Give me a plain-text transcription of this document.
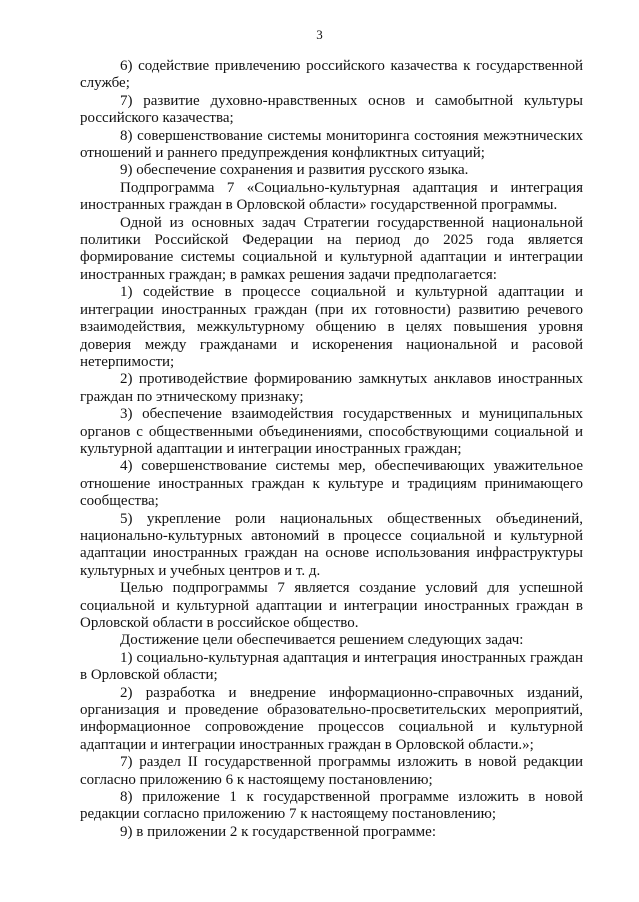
3

6) содействие привлечению российского казачества к государственной службе;

7) развитие духовно-нравственных основ и самобытной культуры российского казачества;

8) совершенствование системы мониторинга состояния межэтнических отношений и раннего предупреждения конфликтных ситуаций;

9) обеспечение сохранения и развития русского языка.

Подпрограмма 7 «Социально-культурная адаптация и интеграция иностранных граждан в Орловской области» государственной программы.

Одной из основных задач Стратегии государственной национальной политики Российской Федерации на период до 2025 года является формирование системы социальной и культурной адаптации и интеграции иностранных граждан; в рамках решения задачи предполагается:

1) содействие в процессе социальной и культурной адаптации и интеграции иностранных граждан (при их готовности) развитию речевого взаимодействия, межкультурному общению в целях повышения уровня доверия между гражданами и искоренения национальной и расовой нетерпимости;

2) противодействие формированию замкнутых анклавов иностранных граждан по этническому признаку;

3) обеспечение взаимодействия государственных и муниципальных органов с общественными объединениями, способствующими социальной и культурной адаптации и интеграции иностранных граждан;

4) совершенствование системы мер, обеспечивающих уважительное отношение иностранных граждан к культуре и традициям принимающего сообщества;

5) укрепление роли национальных общественных объединений, национально-культурных автономий в процессе социальной и культурной адаптации иностранных граждан на основе использования инфраструктуры культурных и учебных центров и т. д.

Целью подпрограммы 7 является создание условий для успешной социальной и культурной адаптации и интеграции иностранных граждан в Орловской области в российское общество.

Достижение цели обеспечивается решением следующих задач:

1) социально-культурная адаптация и интеграция иностранных граждан в Орловской области;

2) разработка и внедрение информационно-справочных изданий, организация и проведение образовательно-просветительских мероприятий, информационное сопровождение процессов социальной и культурной адаптации и интеграции иностранных граждан в Орловской области.»;

7) раздел II государственной программы изложить в новой редакции согласно приложению 6 к настоящему постановлению;

8) приложение 1 к государственной программе изложить в новой редакции согласно приложению 7 к настоящему постановлению;

9) в приложении 2 к государственной программе:
